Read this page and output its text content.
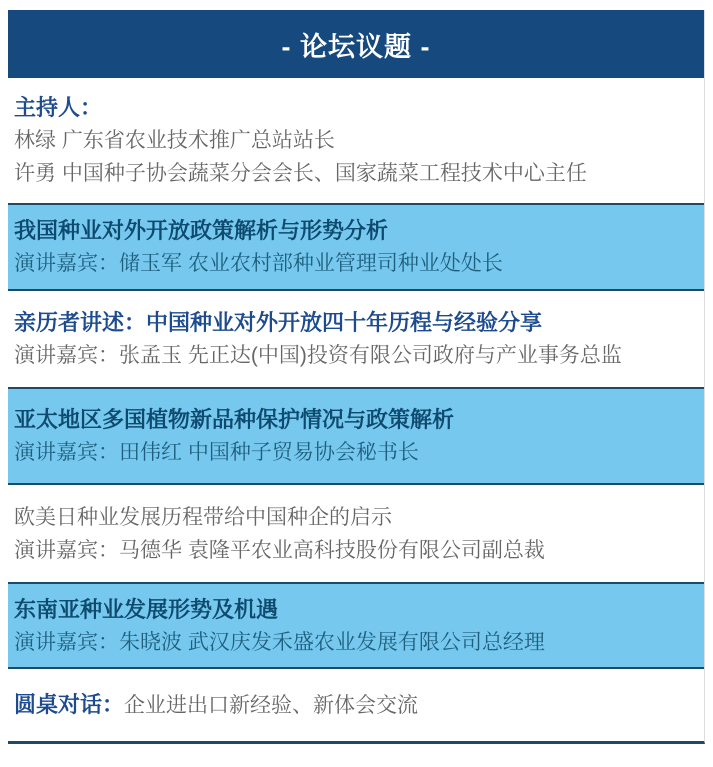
- 论坛议题 -
主持人：
林绿 广东省农业技术推广总站站长
许勇 中国种子协会蔬菜分会会长、国家蔬菜工程技术中心主任
我国种业对外开放政策解析与形势分析
演讲嘉宾：储玉军 农业农村部种业管理司种业处处长
亲历者讲述：中国种业对外开放四十年历程与经验分享
演讲嘉宾：张孟玉 先正达(中国)投资有限公司政府与产业事务总监
亚太地区多国植物新品种保护情况与政策解析
演讲嘉宾：田伟红 中国种子贸易协会秘书长
欧美日种业发展历程带给中国种企的启示
演讲嘉宾：马德华 袁隆平农业高科技股份有限公司副总裁
东南亚种业发展形势及机遇
演讲嘉宾：朱晓波 武汉庆发禾盛农业发展有限公司总经理
圆桌对话：企业进出口新经验、新体会交流
